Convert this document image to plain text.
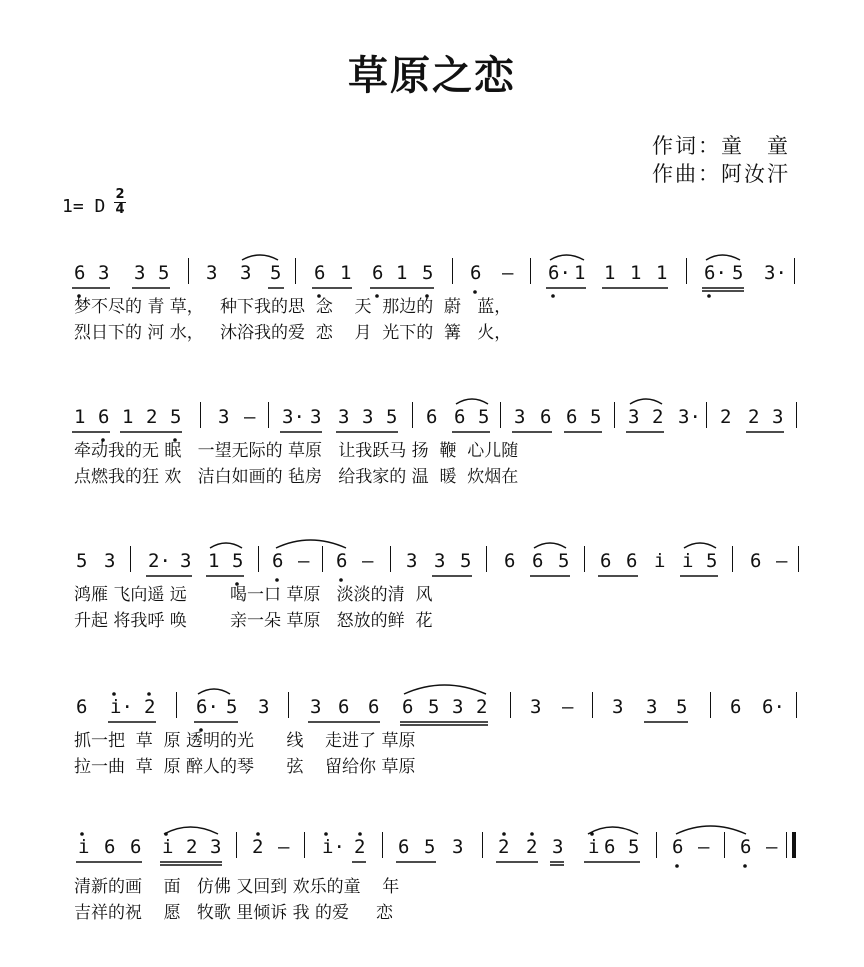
草原之恋
作词：童　童
作曲：阿汝汗
1= D
2
4
6 3 3 5 3 3 5 6 1 6 1 5 6 – 6· 1 1 1 1 6· 5 3·
梦不尽的 青 草，   种下我的思  念    天  那边的  蔚   蓝，
烈日下的 河 水，   沐浴我的爱  恋    月  光下的  篝   火，
1 6 1 2 5 3 – 3· 3 3 3 5 6 6 5 3 6 6 5 3 2 3· 2 2 3
牵动我的无 眠   一望无际的 草原   让我跃马 扬  鞭  心儿随
点燃我的狂 欢   洁白如画的 毡房   给我家的 温  暖  炊烟在
5 3 2· 3 1 5 6 – 6 – 3 3 5 6 6 5 6 6 i i 5 6 –
鸿雁 飞向遥 远        喝一口 草原   淡淡的清  风
升起 将我呼 唤        亲一朵 草原   怒放的鲜  花
6 i· 2 6· 5 3 3 6 6 6 5 3 2 3 – 3 3 5 6 6·
抓一把  草  原 透明的光      线    走进了 草原
拉一曲  草  原 醉人的琴      弦    留给你 草原
i 6 6 i 2 3 2 – i· 2 6 5 3 2 2 3 i 6 5 6 – 6 –
清新的画    面   仿佛 又回到 欢乐的童    年
吉祥的祝    愿   牧歌 里倾诉 我 的爱     恋
